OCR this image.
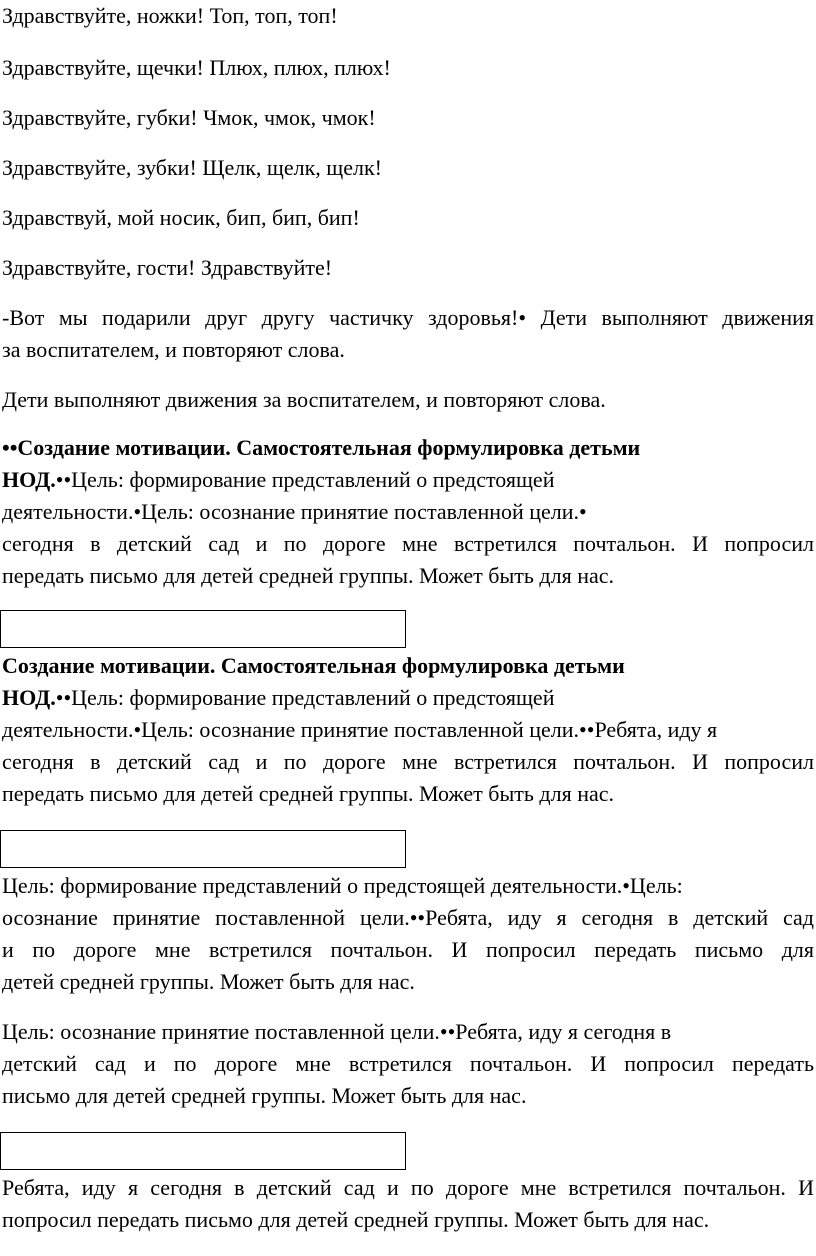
Здравствуйте, ножки! Топ, топ, топ!
Здравствуйте, щечки! Плюх, плюх, плюх!
Здравствуйте, губки! Чмок, чмок, чмок!
Здравствуйте, зубки! Щелк, щелк, щелк!
Здравствуй, мой носик, бип, бип, бип!
Здравствуйте, гости! Здравствуйте!
-Вот мы подарили друг другу частичку здоровья!• Дети выполняют движения
за воспитателем, и повторяют слова.
Дети выполняют движения за воспитателем, и повторяют слова.
••Создание мотивации. Самостоятельная формулировка детьми
НОД.••Цель: формирование представлений о предстоящей
деятельности.•Цель: осознание принятие поставленной цели.•
сегодня в детский сад и по дороге мне встретился почтальон. И попросил
передать письмо для детей средней группы. Может быть для нас.
Создание мотивации. Самостоятельная формулировка детьми
НОД.••Цель: формирование представлений о предстоящей
деятельности.•Цель: осознание принятие поставленной цели.••Ребята, иду я
сегодня в детский сад и по дороге мне встретился почтальон. И попросил
передать письмо для детей средней группы. Может быть для нас.
Цель: формирование представлений о предстоящей деятельности.•Цель:
осознание принятие поставленной цели.••Ребята, иду я сегодня в детский сад
и по дороге мне встретился почтальон. И попросил передать письмо для
детей средней группы. Может быть для нас.
Цель: осознание принятие поставленной цели.••Ребята, иду я сегодня в
детский сад и по дороге мне встретился почтальон. И попросил передать
письмо для детей средней группы. Может быть для нас.
Ребята, иду я сегодня в детский сад и по дороге мне встретился почтальон. И
попросил передать письмо для детей средней группы. Может быть для нас.
